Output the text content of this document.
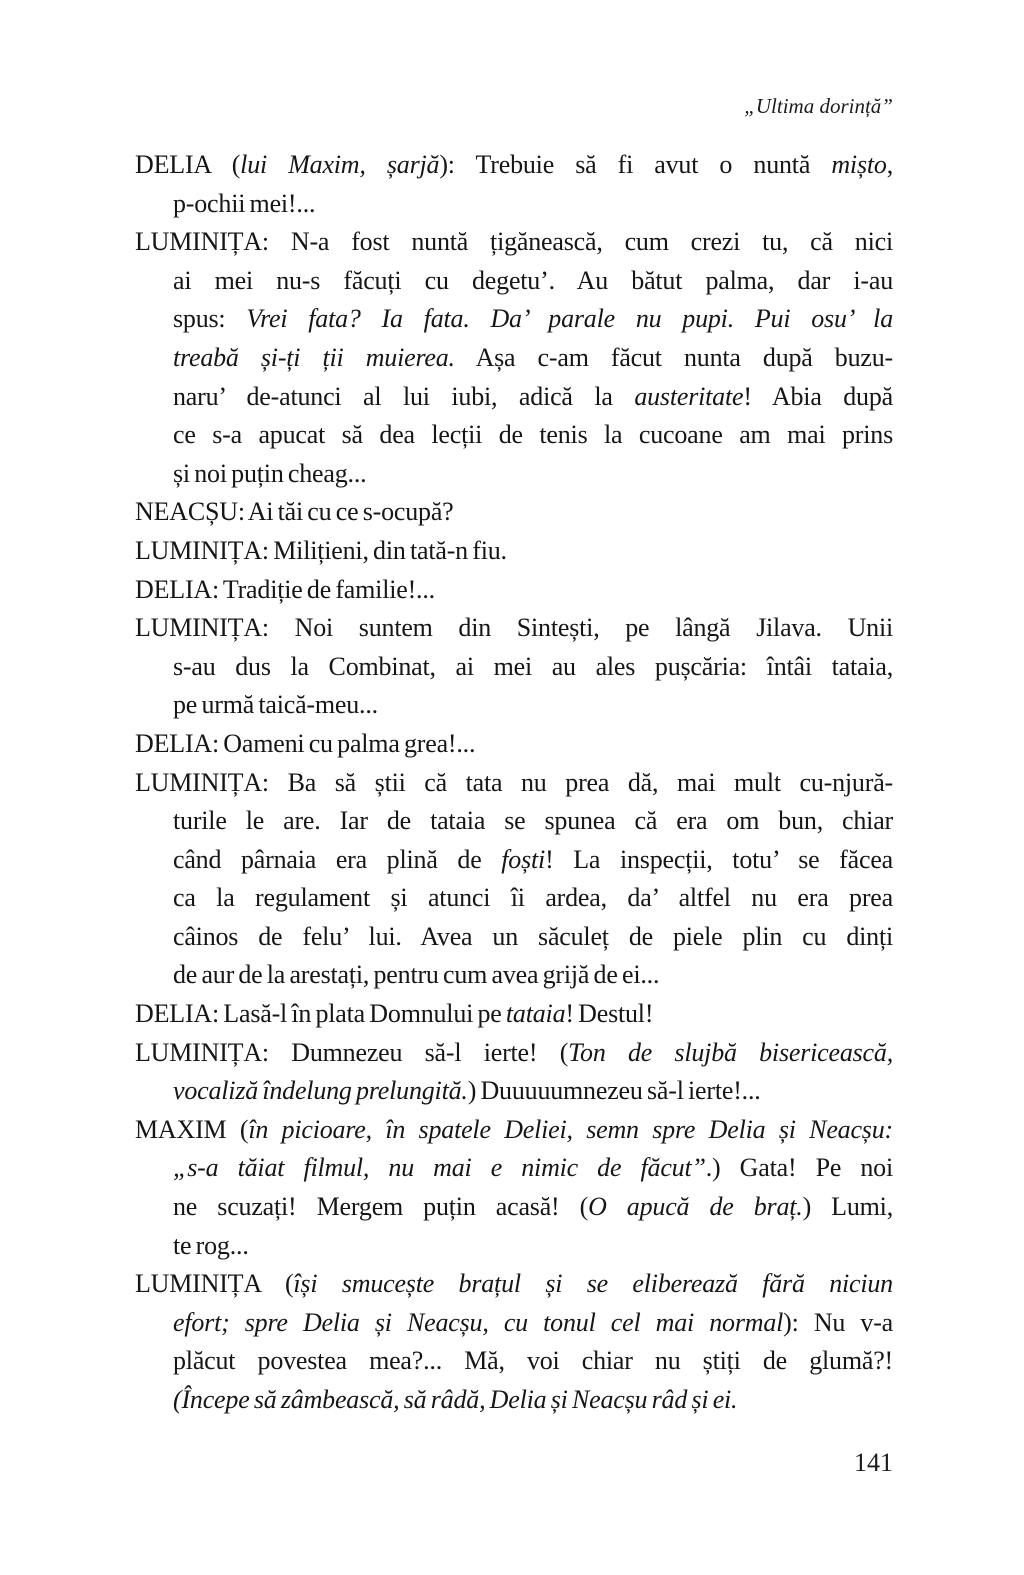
„Ultima dorință”
DELIA (lui Maxim, șarjă): Trebuie să fi avut o nuntă mișto,
p-ochii mei!...
LUMINIȚA: N-a fost nuntă țigănească, cum crezi tu, că nici
ai mei nu-s făcuți cu degetu’. Au bătut palma, dar i-au
spus: Vrei fata? Ia fata. Da’ parale nu pupi. Pui osu’ la
treabă și-ți ții muierea. Așa c-am făcut nunta după buzu-
naru’ de-atunci al lui iubi, adică la austeritate! Abia după
ce s-a apucat să dea lecții de tenis la cucoane am mai prins
și noi puțin cheag...
NEACȘU: Ai tăi cu ce s-ocupă?
LUMINIȚA: Milițieni, din tată-n fiu.
DELIA: Tradiție de familie!...
LUMINIȚA: Noi suntem din Sintești, pe lângă Jilava. Unii
s-au dus la Combinat, ai mei au ales pușcăria: întâi tataia,
pe urmă taică-meu...
DELIA: Oameni cu palma grea!...
LUMINIȚA: Ba să știi că tata nu prea dă, mai mult cu-njură-
turile le are. Iar de tataia se spunea că era om bun, chiar
când pârnaia era plină de foști! La inspecții, totu’ se făcea
ca la regulament și atunci îi ardea, da’ altfel nu era prea
câinos de felu’ lui. Avea un săculeț de piele plin cu dinți
de aur de la arestați, pentru cum avea grijă de ei...
DELIA: Lasă-l în plata Domnului pe tataia! Destul!
LUMINIȚA: Dumnezeu să-l ierte! (Ton de slujbă bisericească,
vocaliză îndelung prelungită.) Duuuuumnezeu să-l ierte!...
MAXIM (în picioare, în spatele Deliei, semn spre Delia și Neacșu:
„s-a tăiat filmul, nu mai e nimic de făcut”.) Gata! Pe noi
ne scuzați! Mergem puțin acasă! (O apucă de braț.) Lumi,
te rog...
LUMINIȚA (își smucește brațul și se eliberează fără niciun
efort; spre Delia și Neacșu, cu tonul cel mai normal): Nu v-a
plăcut povestea mea?... Mă, voi chiar nu știți de glumă?!
(Începe să zâmbească, să râdă, Delia și Neacșu râd și ei.
141
